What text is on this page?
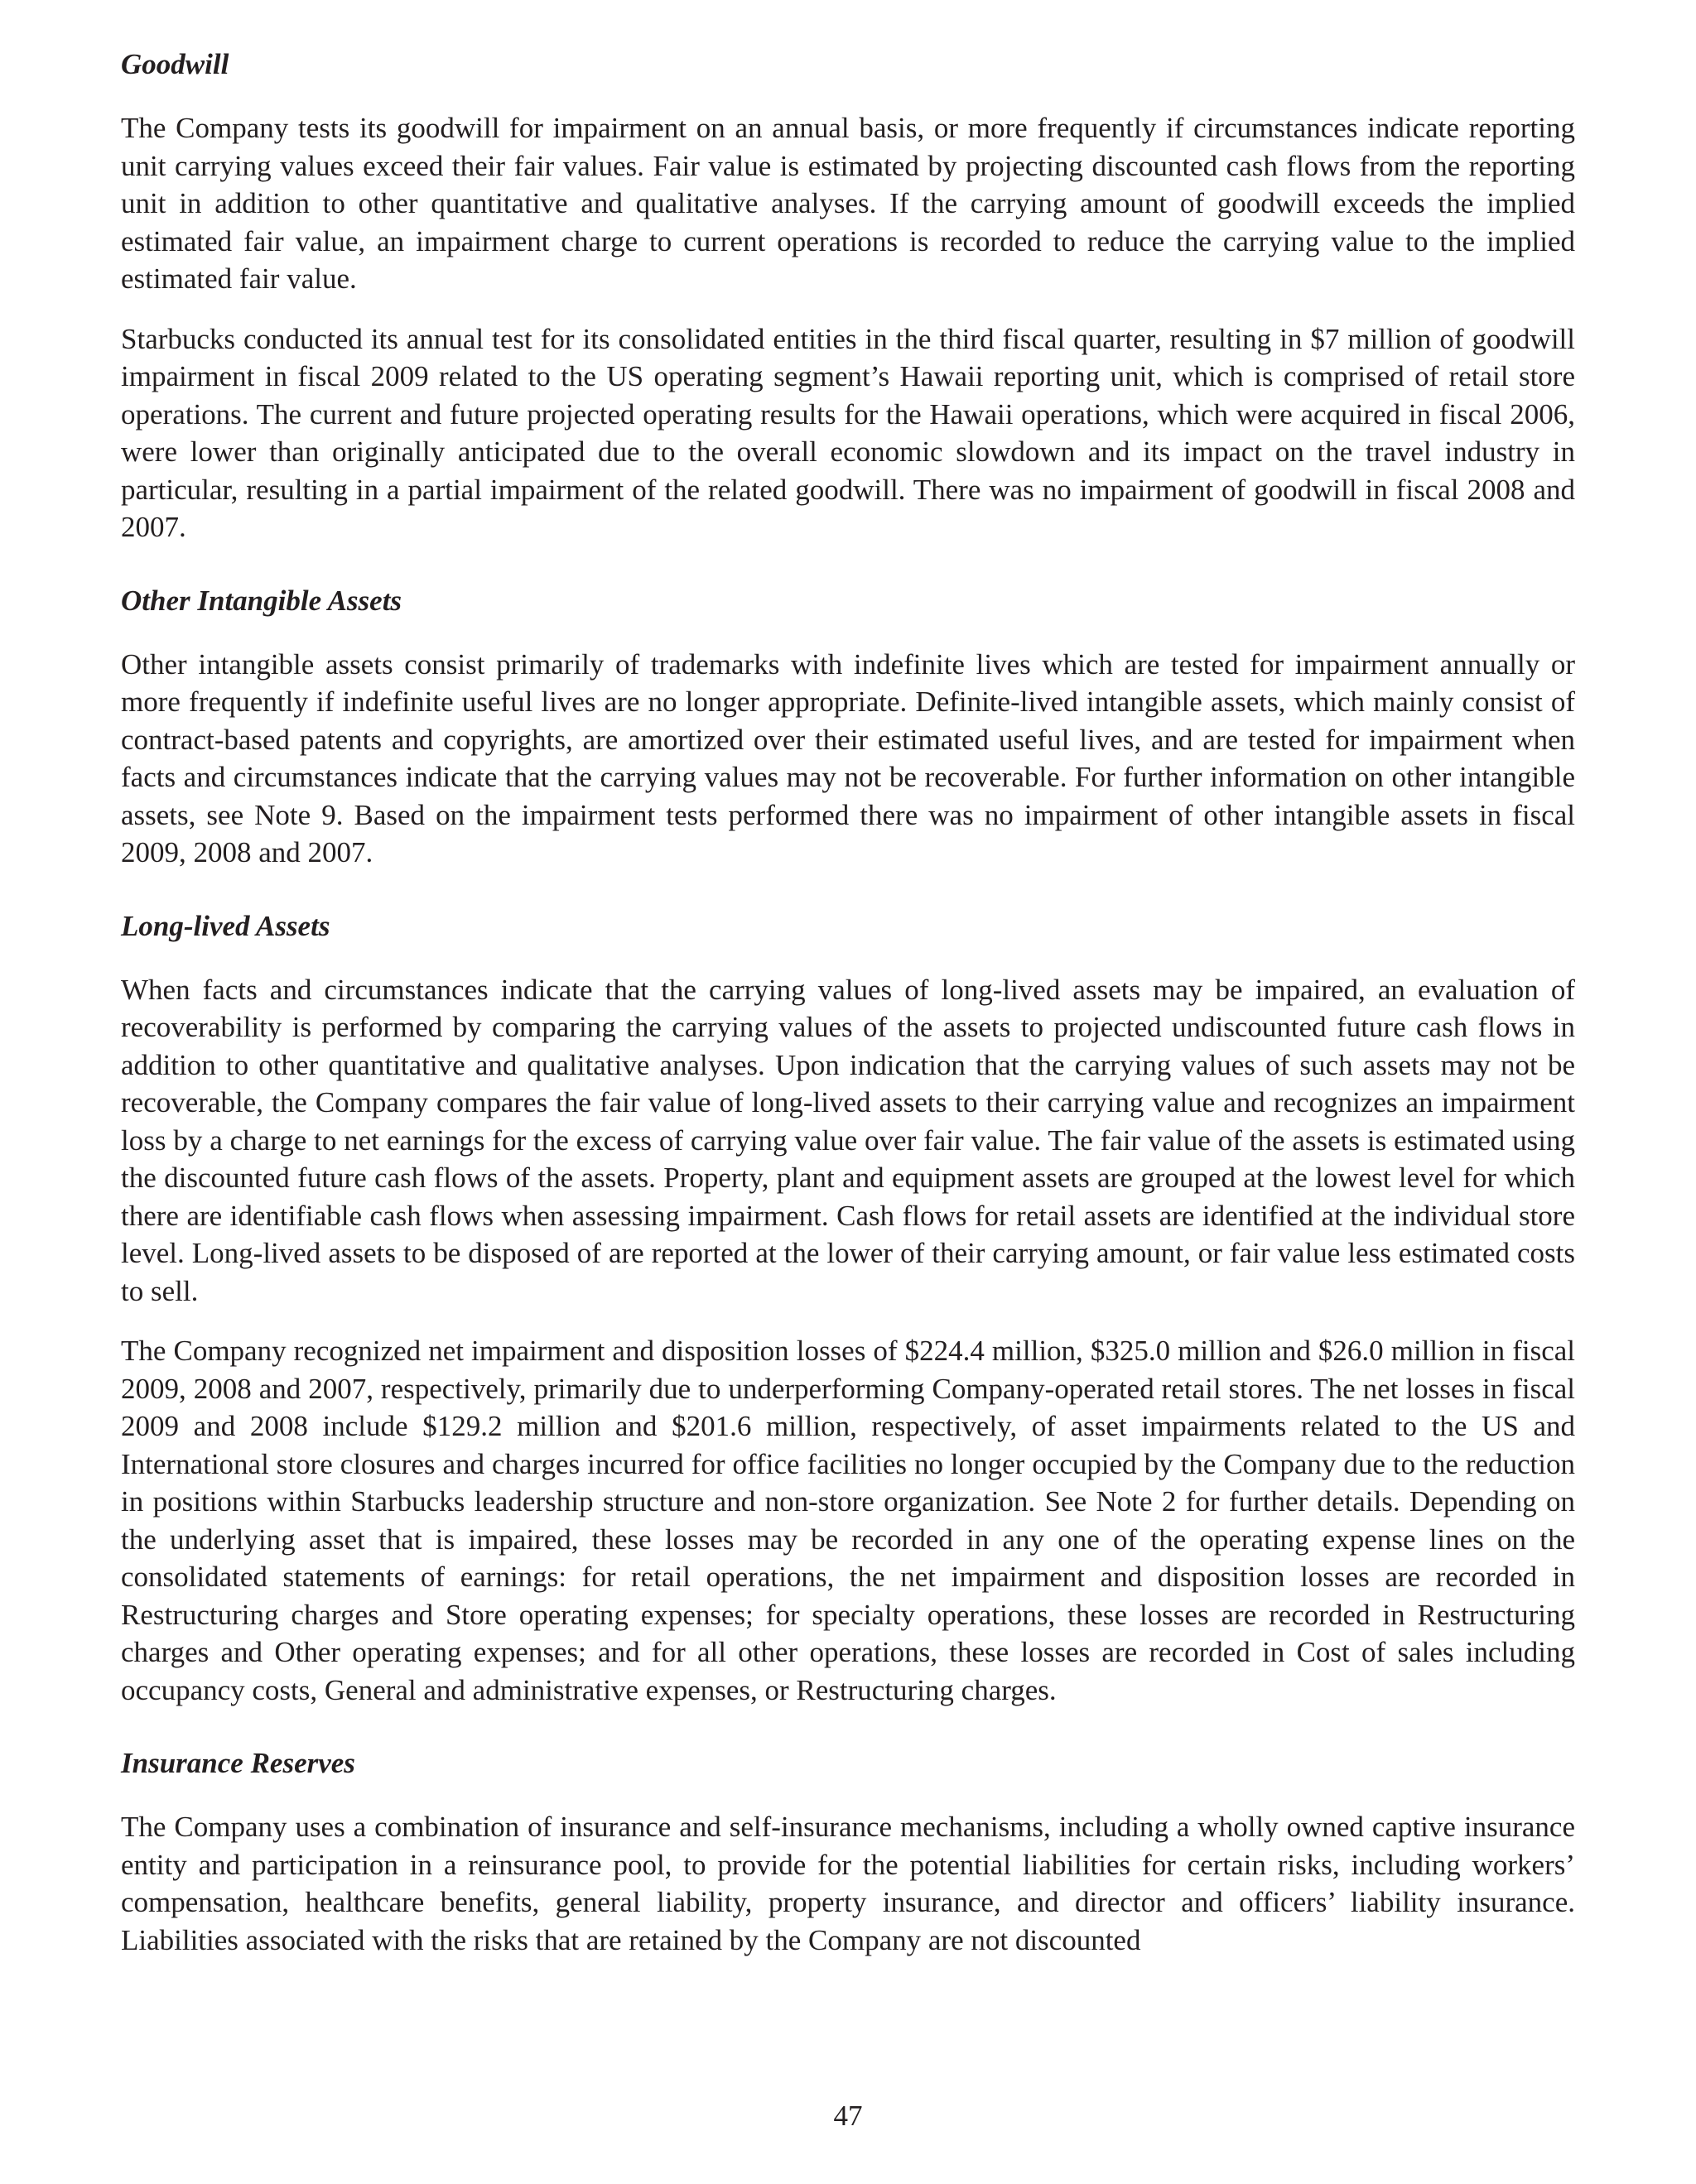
Goodwill

The Company tests its goodwill for impairment on an annual basis, or more frequently if circumstances indicate reporting unit carrying values exceed their fair values. Fair value is estimated by projecting discounted cash flows from the reporting unit in addition to other quantitative and qualitative analyses. If the carrying amount of goodwill exceeds the implied estimated fair value, an impairment charge to current operations is recorded to reduce the carrying value to the implied estimated fair value.

Starbucks conducted its annual test for its consolidated entities in the third fiscal quarter, resulting in $7 million of goodwill impairment in fiscal 2009 related to the US operating segment’s Hawaii reporting unit, which is comprised of retail store operations. The current and future projected operating results for the Hawaii operations, which were acquired in fiscal 2006, were lower than originally anticipated due to the overall economic slowdown and its impact on the travel industry in particular, resulting in a partial impairment of the related goodwill. There was no impairment of goodwill in fiscal 2008 and 2007.

Other Intangible Assets

Other intangible assets consist primarily of trademarks with indefinite lives which are tested for impairment annually or more frequently if indefinite useful lives are no longer appropriate. Definite-lived intangible assets, which mainly consist of contract-based patents and copyrights, are amortized over their estimated useful lives, and are tested for impairment when facts and circumstances indicate that the carrying values may not be recoverable. For further information on other intangible assets, see Note 9. Based on the impairment tests performed there was no impairment of other intangible assets in fiscal 2009, 2008 and 2007.

Long-lived Assets

When facts and circumstances indicate that the carrying values of long-lived assets may be impaired, an evaluation of recoverability is performed by comparing the carrying values of the assets to projected undiscounted future cash flows in addition to other quantitative and qualitative analyses. Upon indication that the carrying values of such assets may not be recoverable, the Company compares the fair value of long-lived assets to their carrying value and recognizes an impairment loss by a charge to net earnings for the excess of carrying value over fair value. The fair value of the assets is estimated using the discounted future cash flows of the assets. Property, plant and equipment assets are grouped at the lowest level for which there are identifiable cash flows when assessing impairment. Cash flows for retail assets are identified at the individual store level. Long-lived assets to be disposed of are reported at the lower of their carrying amount, or fair value less estimated costs to sell.

The Company recognized net impairment and disposition losses of $224.4 million, $325.0 million and $26.0 million in fiscal 2009, 2008 and 2007, respectively, primarily due to underperforming Company-operated retail stores. The net losses in fiscal 2009 and 2008 include $129.2 million and $201.6 million, respectively, of asset impairments related to the US and International store closures and charges incurred for office facilities no longer occupied by the Company due to the reduction in positions within Starbucks leadership structure and non-store organization. See Note 2 for further details. Depending on the underlying asset that is impaired, these losses may be recorded in any one of the operating expense lines on the consolidated statements of earnings: for retail operations, the net impairment and disposition losses are recorded in Restructuring charges and Store operating expenses; for specialty operations, these losses are recorded in Restructuring charges and Other operating expenses; and for all other operations, these losses are recorded in Cost of sales including occupancy costs, General and administrative expenses, or Restructuring charges.

Insurance Reserves

The Company uses a combination of insurance and self-insurance mechanisms, including a wholly owned captive insurance entity and participation in a reinsurance pool, to provide for the potential liabilities for certain risks, including workers’ compensation, healthcare benefits, general liability, property insurance, and director and officers’ liability insurance. Liabilities associated with the risks that are retained by the Company are not discounted

47
